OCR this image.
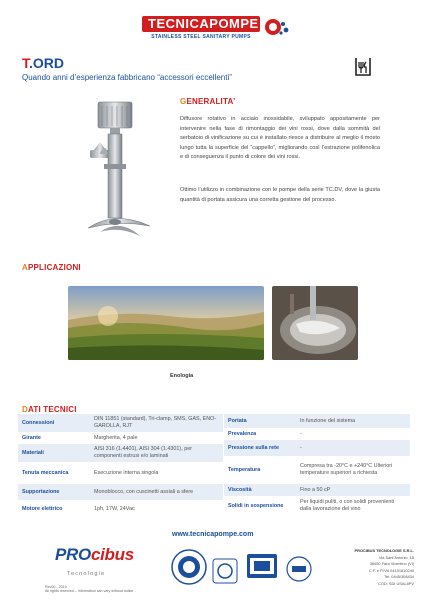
TECNICAPOMPE
STAINLESS STEEL SANITARY PUMPS
T.ORD
Quando anni d’esperienza fabbricano “accessori eccellenti”
GENERALITA’

Diffusore rotativo in acciaio inossidabile, sviluppato appositamente per intervenire nella fase di rimontaggio dei vini rossi, dove dalla sommità del serbatoio di vinificazione su cui è installato riesce a distribuire al meglio il mosto lungo tutta la superficie del “cappello”, migliorando così l’estrazione polifenolica e di conseguenza il punto di colore dei vini rossi.

Ottimo l’utilizzo in combinazione con le pompe della serie TC.DV, dove la giusta quantità di portata assicura una corretta gestione del processo.

APPLICAZIONI
Enologia
DATI TECNICI
Connessioni	DIN 11851 (standard), Tri-clamp, SMS, GAS, ENO-GAROLLA, RJT
Girante	Margherita, 4 pale
Materiali	AISI 316 (1.4401), AISI 304 (1.4301), per componenti estrusi e/o laminati
Tenuta meccanica	Esecuzione interna singola
Supportazione	Monoblocco, con cuscinetti assiali a sfere
Motore elettrico	1ph, 17W, 24Vac
Portata	In funzione del sistema
Prevalenza	-
Pressione sulla rete	-
Temperatura	Compresa tra -20°C e +240°C Ulteriori temperature superiori a richiesta
Viscosità	Fino a 50 cP
Solidi in sospensione	Per liquidi puliti, o con solidi provenienti dalla lavorazione del vino
www.tecnicapompe.com
PROcibus
Tecnologie
Rev00 - 2019
All rights reserved – Information can vary without notice
PROCIBUS TECNOLOGIE S.R.L.
Via Sant’Antonio, 15
36050 Fara Vicentino (VI)
C.F. e P.IVA 04151810245
Tel. 0445/308434
COD. SDI USAL8PV
